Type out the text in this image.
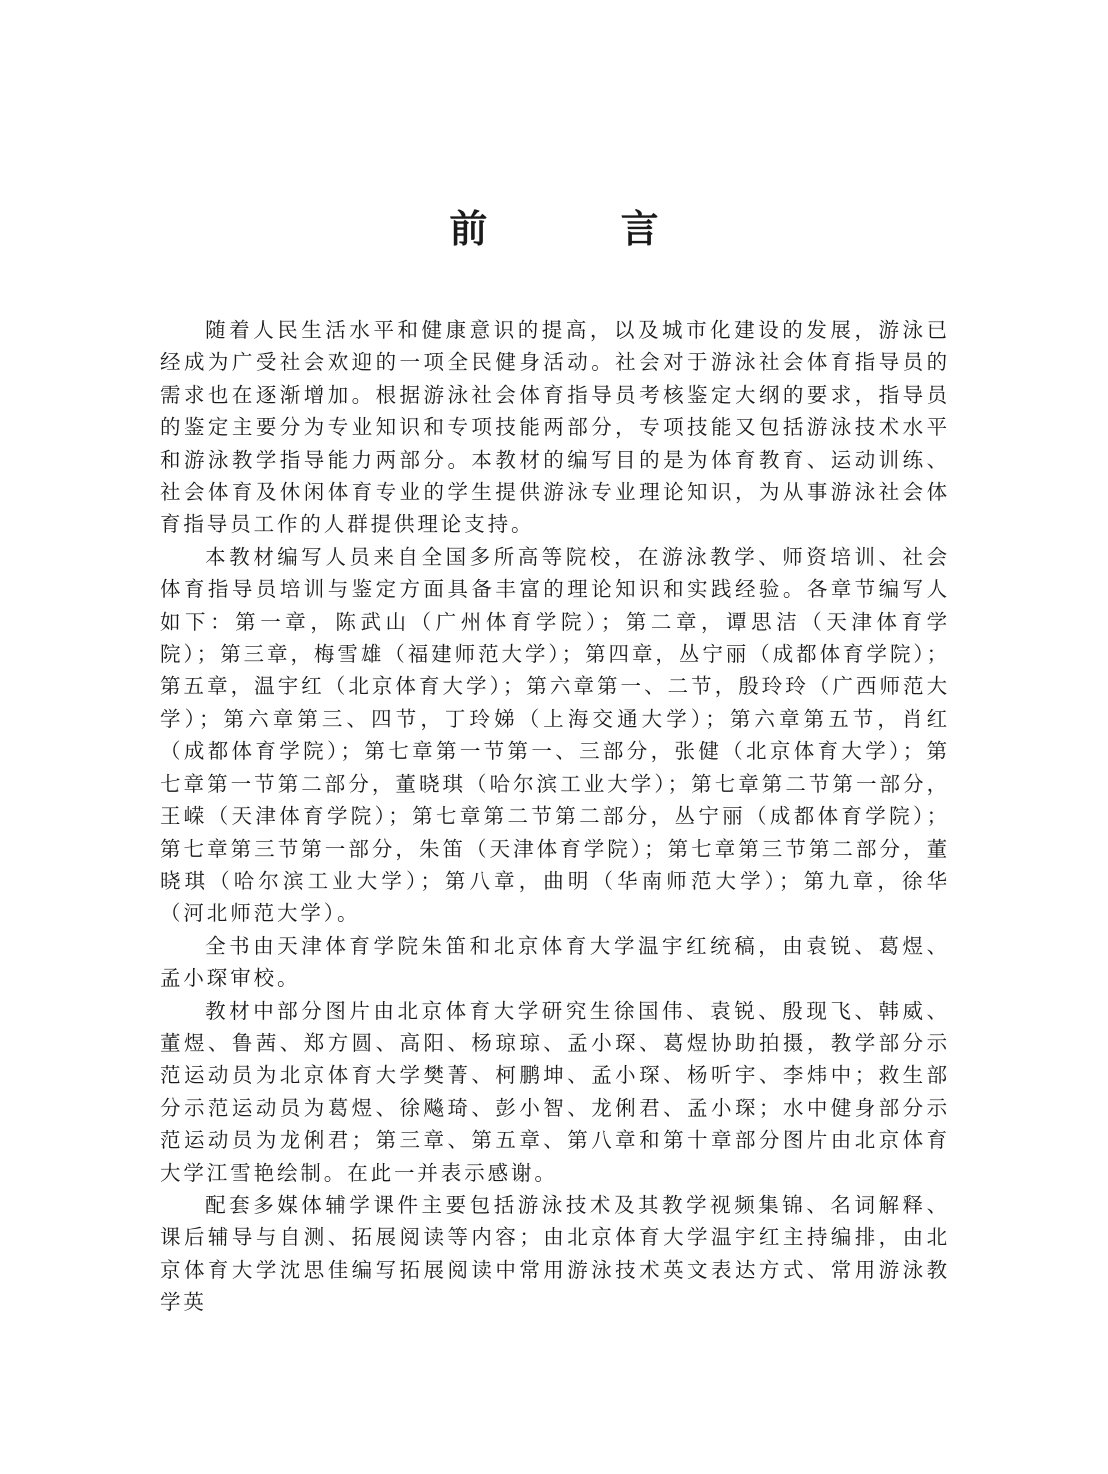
前 言

随着人民生活水平和健康意识的提高，以及城市化建设的发展，游泳已经成为广受社会欢迎的一项全民健身活动。社会对于游泳社会体育指导员的需求也在逐渐增加。根据游泳社会体育指导员考核鉴定大纲的要求，指导员的鉴定主要分为专业知识和专项技能两部分，专项技能又包括游泳技术水平和游泳教学指导能力两部分。本教材的编写目的是为体育教育、运动训练、社会体育及休闲体育专业的学生提供游泳专业理论知识，为从事游泳社会体育指导员工作的人群提供理论支持。

本教材编写人员来自全国多所高等院校，在游泳教学、师资培训、社会体育指导员培训与鉴定方面具备丰富的理论知识和实践经验。各章节编写人如下：第一章，陈武山（广州体育学院）；第二章，谭思洁（天津体育学院）；第三章，梅雪雄（福建师范大学）；第四章，丛宁丽（成都体育学院）；第五章，温宇红（北京体育大学）；第六章第一、二节，殷玲玲（广西师范大学）；第六章第三、四节，丁玲娣（上海交通大学）；第六章第五节，肖红（成都体育学院）；第七章第一节第一、三部分，张健（北京体育大学）；第七章第一节第二部分，董晓琪（哈尔滨工业大学）；第七章第二节第一部分，王嵘（天津体育学院）；第七章第二节第二部分，丛宁丽（成都体育学院）；第七章第三节第一部分，朱笛（天津体育学院）；第七章第三节第二部分，董晓琪（哈尔滨工业大学）；第八章，曲明（华南师范大学）；第九章，徐华（河北师范大学）。

全书由天津体育学院朱笛和北京体育大学温宇红统稿，由袁锐、葛煜、孟小琛审校。

教材中部分图片由北京体育大学研究生徐国伟、袁锐、殷现飞、韩威、董煜、鲁茜、郑方圆、高阳、杨琼琼、孟小琛、葛煜协助拍摄，教学部分示范运动员为北京体育大学樊菁、柯鹏坤、孟小琛、杨听宇、李炜中；救生部分示范运动员为葛煜、徐飚琦、彭小智、龙俐君、孟小琛；水中健身部分示范运动员为龙俐君；第三章、第五章、第八章和第十章部分图片由北京体育大学江雪艳绘制。在此一并表示感谢。

配套多媒体辅学课件主要包括游泳技术及其教学视频集锦、名词解释、课后辅导与自测、拓展阅读等内容；由北京体育大学温宇红主持编排，由北京体育大学沈思佳编写拓展阅读中常用游泳技术英文表达方式、常用游泳教学英
